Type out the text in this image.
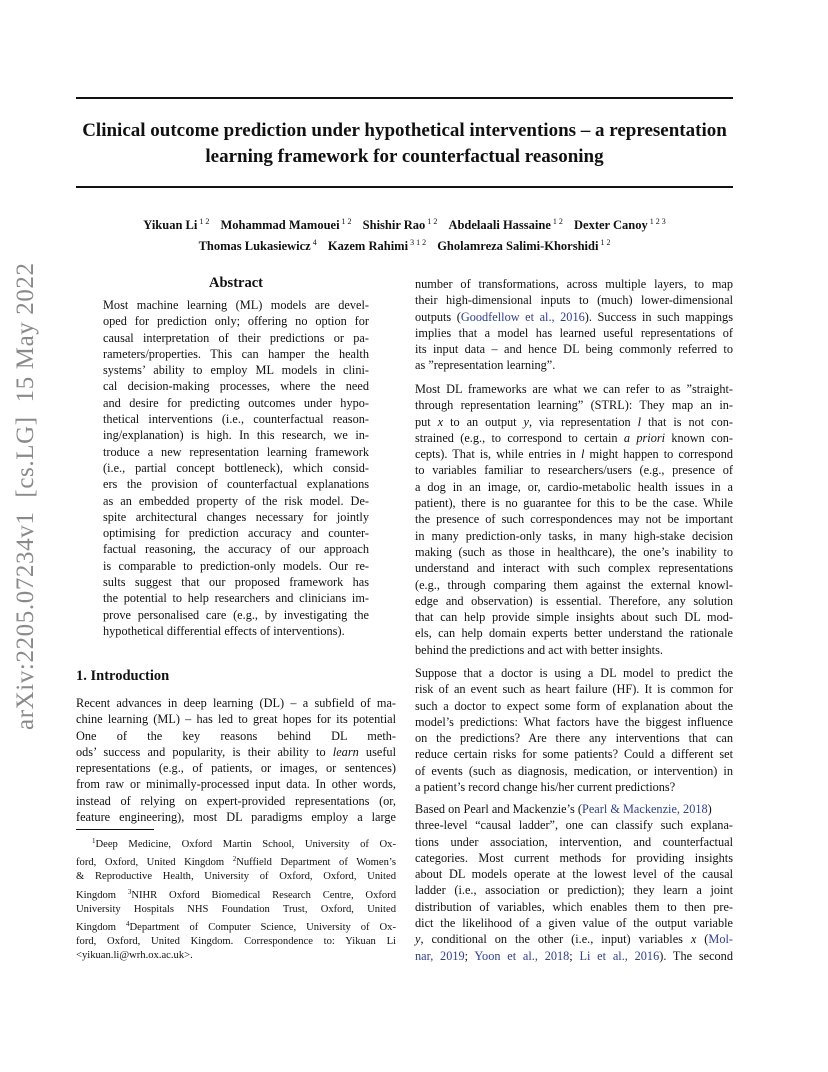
arXiv:2205.07234v1[cs.LG]15 May 2022
Clinical outcome prediction under hypothetical interventions – a representation
learning framework for counterfactual reasoning
Yikuan Li $^{1 2}$ Mohammad Mamouei $^{1 2}$ Shishir Rao $^{1 2}$ Abdelaali Hassaine $^{1 2}$ Dexter Canoy $^{1 2 3}$
Thomas Lukasiewicz $^4$ Kazem Rahimi $^{3 1 2}$ Gholamreza Salimi-Khorshidi $^{1 2}$
Abstract
Most machine learning (ML) models are devel-
oped for prediction only; offering no option for
causal interpretation of their predictions or pa-
rameters/properties. This can hamper the health
systems’ ability to employ ML models in clini-
cal decision-making processes, where the need
and desire for predicting outcomes under hypo-
thetical interventions (i.e., counterfactual reason-
ing/explanation) is high. In this research, we in-
troduce a new representation learning framework
(i.e., partial concept bottleneck), which consid-
ers the provision of counterfactual explanations
as an embedded property of the risk model. De-
spite architectural changes necessary for jointly
optimising for prediction accuracy and counter-
factual reasoning, the accuracy of our approach
is comparable to prediction-only models. Our re-
sults suggest that our proposed framework has
the potential to help researchers and clinicians im-
prove personalised care (e.g., by investigating the
hypothetical differential effects of interventions).
1. Introduction
Recent advances in deep learning (DL) – a subfield of ma-
chine learning (ML) – has led to great hopes for its potential
One of the key reasons behind DL meth-
ods’ success and popularity, is their ability to learn useful
representations (e.g., of patients, or images, or sentences)
from raw or minimally-processed input data. In other words,
instead of relying on expert-provided representations (or,
feature engineering), most DL paradigms employ a large
$^1$Deep Medicine, Oxford Martin School, University of Ox-
ford, Oxford, United Kingdom $^2$Nuffield Department of Women’s
& Reproductive Health, University of Oxford, Oxford, United
Kingdom $^3$NIHR Oxford Biomedical Research Centre, Oxford
University Hospitals NHS Foundation Trust, Oxford, United
Kingdom $^4$Department of Computer Science, University of Ox-
ford, Oxford, United Kingdom. Correspondence to: Yikuan Li
<yikuan.li@wrh.ox.ac.uk>.
number of transformations, across multiple layers, to map
their high-dimensional inputs to (much) lower-dimensional
outputs (Goodfellow et al., 2016). Success in such mappings
implies that a model has learned useful representations of
its input data – and hence DL being commonly referred to
as ”representation learning”.
Most DL frameworks are what we can refer to as ”straight-
through representation learning” (STRL): They map an in-
put x to an output y, via representation l that is not con-
strained (e.g., to correspond to certain a priori known con-
cepts). That is, while entries in l might happen to correspond
to variables familiar to researchers/users (e.g., presence of
a dog in an image, or, cardio-metabolic health issues in a
patient), there is no guarantee for this to be the case. While
the presence of such correspondences may not be important
in many prediction-only tasks, in many high-stake decision
making (such as those in healthcare), the one’s inability to
understand and interact with such complex representations
(e.g., through comparing them against the external knowl-
edge and observation) is essential. Therefore, any solution
that can help provide simple insights about such DL mod-
els, can help domain experts better understand the rationale
behind the predictions and act with better insights.
Suppose that a doctor is using a DL model to predict the
risk of an event such as heart failure (HF). It is common for
such a doctor to expect some form of explanation about the
model’s predictions: What factors have the biggest influence
on the predictions? Are there any interventions that can
reduce certain risks for some patients? Could a different set
of events (such as diagnosis, medication, or intervention) in
a patient’s record change his/her current predictions?
Based on Pearl and Mackenzie’s (Pearl & Mackenzie, 2018)
three-level “causal ladder”, one can classify such explana-
tions under association, intervention, and counterfactual
categories. Most current methods for providing insights
about DL models operate at the lowest level of the causal
ladder (i.e., association or prediction); they learn a joint
distribution of variables, which enables them to then pre-
dict the likelihood of a given value of the output variable
y, conditional on the other (i.e., input) variables x (Mol-
nar, 2019; Yoon et al., 2018; Li et al., 2016). The second
